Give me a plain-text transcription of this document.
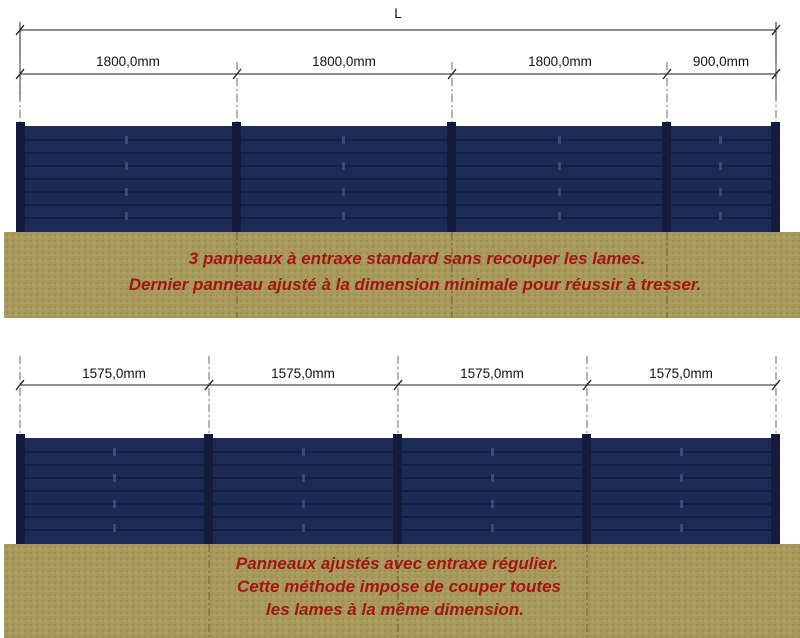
L
1800,0mm	1800,0mm	1800,0mm	900,0mm
3 panneaux à entraxe standard sans recouper les lames.
Dernier panneau ajusté à la dimension minimale pour réussir à tresser.
1575,0mm	1575,0mm	1575,0mm	1575,0mm
Panneaux ajustés avec entraxe régulier.
Cette méthode impose de couper toutes
les lames à la même dimension.
